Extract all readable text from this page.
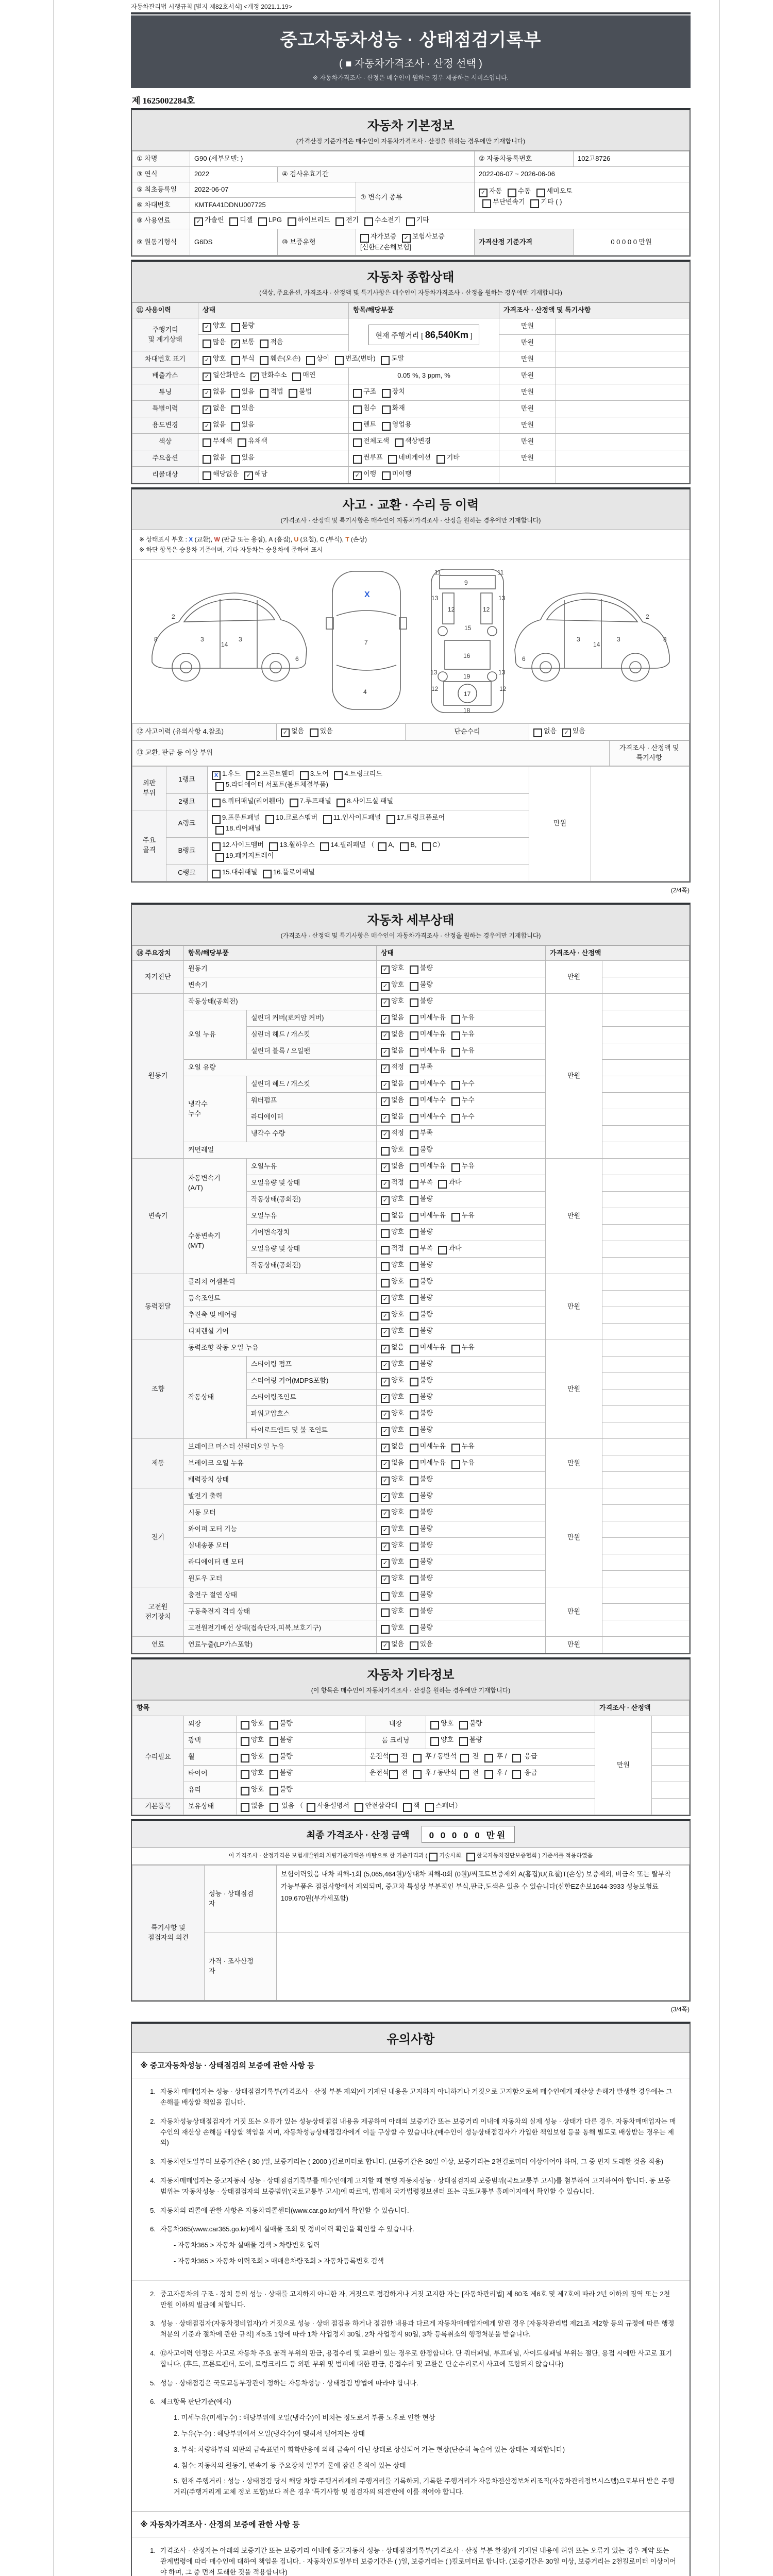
자동차관리법 시행규칙 [별지 제82호서식] <개정 2021.1.19>
중고자동차성능 · 상태점검기록부
( ■ 자동차가격조사 · 산정 선택 )
※ 자동차가격조사 · 산정은 매수인이 원하는 경우 제공하는 서비스입니다.
제 1625002284호
자동차 기본정보
(가격산정 기준가격은 매수인이 자동차가격조사 · 산정을 원하는 경우에만 기재합니다)
① 차명	G90 (세부모델: )			② 자동차등록번호	102고8726
③ 연식	2022	④ 검사유효기간		2022-06-07 ~ 2026-06-06	
⑤ 최초등록일	2022-06-07		⑦ 변속기 종류	✓ 자동  수동  세미오토
무단변속기  기타 ( )	
⑥ 차대번호	KMTFA41DDNU007725				
⑧ 사용연료	✓ 가솔린  디젤  LPG  하이브리드  전기  수소전기  기타				
⑨ 원동기형식	G6DS	⑩ 보증유형	자가보증 ✓ 보험사보증 [신한EZ손해보험]	가격산정 기준가격	0 0 0 0 0 만원
자동차 종합상태
(색상, 주요옵션, 가격조사 · 산정액 및 특기사항은 매수인이 자동차가격조사 · 산정을 원하는 경우에만 기재합니다)
⑪ 사용이력	상태	항목/해당부품	가격조사 · 산정액 및 특기사항	
주행거리
및 계기상태	✓ 양호  불량	현재 주행거리 [ 86,540Km ]	만원	
	많음 ✓ 보통  적음		만원	
차대번호 표기	✓ 양호  부식  훼손(오손)  상이  변조(변타)  도말		만원	
배출가스	✓ 일산화탄소 ✓ 탄화수소  매연	0.05 %, 3 ppm, %	만원	
튜닝	✓ 없음  있음  적법  불법	구조  장치	만원	
특별이력	✓ 없음  있음	침수  화재	만원	
용도변경	✓ 없음  있음	렌트  영업용	만원	
색상	무채색  유채색	전체도색  색상변경	만원	
주요옵션	없음  있음	썬루프  네비게이션  기타	만원	
리콜대상	해당없음 ✓ 해당	✓ 이행  미이행		
사고 · 교환 · 수리 등 이력
(가격조사 · 산정액 및 특기사항은 매수인이 자동차가격조사 · 산정을 원하는 경우에만 기재합니다)
※ 상태표시 부호 : X (교환), W (판금 또는 용접), A (흠집), U (요철), C (부식), T (손상)
※ 하단 항목은 승용차 기준이며, 기타 자동차는 승용차에 준하여 표시
2
8	3
14
3
6
X
7
4
11	11
9
13	13
12	12
15
16
13	13
12	12
19
17
18
2
8
3
14
3
6
⑫ 사고이력 (유의사항 4.참조)	✓ 없음  있음	단순수리	없음 ✓ 있음
⑬ 교환, 판금 등 이상 부위	가격조사 · 산정액 및 특기사항
외판
부위	1랭크	X 1.후드  2.프론트휀더  3.도어  4.트렁크리드
5.라디에이터 서포트(볼트체결부품)	만원	
	2랭크	6.쿼터패널(리어휀더)  7.루프패널  8.사이드실 패널		
주요
골격	A랭크	9.프론트패널  10.크로스멤버  11.인사이드패널  17.트렁크플로어
18.리어패널		
	B랭크	12.사이드멤버  13.휠하우스  14.필러패널 （ A,  B,  C）
19.패키지트레이		
	C랭크	15.대쉬패널  16.플로어패널		
(2/4쪽)
자동차 세부상태
(가격조사 · 산정액 및 특기사항은 매수인이 자동차가격조사 · 산정을 원하는 경우에만 기재합니다)
⑭ 주요장치	항목/해당부품		상태	가격조사 · 산정액	
자기진단	원동기		✓ 양호  불량	만원	
	변속기		✓ 양호  불량		
원동기	작동상태(공회전)		✓ 양호  불량	만원	
	오일 누유	실린더 커버(로커암 커버)	✓ 없음  미세누유  누유		
		실린더 헤드 / 개스킷	✓ 없음  미세누유  누유		
		실린더 블록 / 오일팬	✓ 없음  미세누유  누유		
	오일 유량		✓ 적정  부족		
	냉각수
누수	실린더 헤드 / 개스킷	✓ 없음  미세누수  누수		
		워터펌프	✓ 없음  미세누수  누수		
		라디에이터	✓ 없음  미세누수  누수		
		냉각수 수량	✓ 적정  부족		
	커먼레일		양호  불량		
변속기	자동변속기
(A/T)	오일누유	✓ 없음  미세누유  누유	만원	
		오일유량 및 상태	✓ 적정  부족  과다		
		작동상태(공회전)	✓ 양호  불량		
	수동변속기
(M/T)	오일누유	없음  미세누유  누유		
		기어변속장치	양호  불량		
		오일유량 및 상태	적정  부족  과다		
		작동상태(공회전)	양호  불량		
동력전달	클러치 어셈블리		양호  불량	만원	
	등속조인트		✓ 양호  불량		
	추진축 및 베어링		✓ 양호  불량		
	디퍼렌셜 기어		✓ 양호  불량		
조향	동력조향 작동 오일 누유		✓ 없음  미세누유  누유	만원	
	작동상태	스티어링 펌프	✓ 양호  불량		
		스티어링 기어(MDPS포함)	✓ 양호  불량		
		스티어링조인트	✓ 양호  불량		
		파워고압호스	✓ 양호  불량		
		타이로드엔드 및 볼 조인트	✓ 양호  불량		
제동	브레이크 마스터 실린더오일 누유		✓ 없음  미세누유  누유	만원	
	브레이크 오일 누유		✓ 없음  미세누유  누유		
	배력장치 상태		✓ 양호  불량		
전기	발전기 출력		✓ 양호  불량	만원	
	시동 모터		✓ 양호  불량		
	와이퍼 모터 기능		✓ 양호  불량		
	실내송풍 모터		✓ 양호  불량		
	라디에이터 팬 모터		✓ 양호  불량		
	윈도우 모터		✓ 양호  불량		
고전원
전기장치	충전구 절연 상태		양호  불량	만원	
	구동축전지 격리 상태		양호  불량		
	고전원전기배선 상태(접속단자,피복,보호기구)		양호  불량		
연료	연료누출(LP가스포함)		✓ 없음  있음	만원	
자동차 기타정보
(이 항목은 매수인이 자동차가격조사 · 산정을 원하는 경우에만 기재합니다)
항목					가격조사 · 산정액	
수리필요	외장	양호  불량	내장	양호  불량	만원	
	광택	양호  불량	룸 크리닝	양호  불량		
	휠	양호  불량	운전석  전   후 / 동반석  전   후 /   응급			
	타이어	양호  불량	운전석  전   후 / 동반석  전   후 /   응급			
	유리	양호  불량				
기본품목	보유상태	없음   있음 （ 사용설명서  안전삼각대  잭  스패너）				
최종 가격조사 · 산정 금액 0 0 0 0 0 만원
이 가격조사 · 산정가격은 보험개발원의 차량기준가액을 바탕으로 한 기준가격과 (  기술사회, 한국자동차진단보증협회 ) 기준서를 적용하였음
특기사항 및
점검자의 의견	성능 · 상태점검
자	보험이력있음 내차 피해-1회 (5,065,464원)/상대차 피해-0회 (0원)/써포트보증제외 A(흠집)U(요철)T(손상) 보증제외, 비금속 또는 탈부착 가능부품은 점검사항에서 제외되며, 중고차 특성상 부분적인 부식,판금,도색은 있을 수 있습니다(신한EZ손보1644-3933 성능보험료 109,670원(부가세포함)
	가격 · 조사산정
자	
(3/4쪽)
유의사항
※ 중고자동차성능 · 상태점검의 보증에 관한 사항 등
1. 자동차 매매업자는 성능 · 상태점검기록부(가격조사 · 산정 부분 제외)에 기재된 내용을 고지하지 아니하거나 거짓으로 고지함으로써 매수인에게 재산상 손해가 발생한 경우에는 그 손해를 배상할 책임을 집니다.
2. 자동차성능상태점검자가 거짓 또는 오류가 있는 성능상태점검 내용을 제공하여 아래의 보증기간 또는 보증거리 이내에 자동차의 실제 성능 · 상태가 다른 경우, 자동차매매업자는 매수인의 재산상 손해를 배상할 책임을 지며, 자동차성능상태점검자에게 이를 구상할 수 있습니다.(매수인이 성능상태점검자가 가입한 책임보험 등을 통해 별도로 배상받는 경우는 제외)
3. 자동차인도일부터 보증기간은 ( 30 )일, 보증거리는 ( 2000 )킬로미터로 합니다. (보증기간은 30일 이상, 보증거리는 2천킬로미터 이상이어야 하며, 그 중 먼저 도래한 것을 적용)
4. 자동차매매업자는 중고자동차 성능 · 상태점검기록부를 매수인에게 고지할 때 현행 자동차성능 · 상태점검자의 보증범위(국토교통부 고시)를 첨부하여 고지하여야 합니다. 동 보증범위는 '자동차성능 · 상태점검자의 보증범위'(국토교통부 고시)에 따르며, 법제처 국가법령정보센터 또는 국토교통부 홈페이지에서 확인할 수 있습니다.
5. 자동차의 리콜에 관한 사항은 자동차리콜센터(www.car.go.kr)에서 확인할 수 있습니다.
6. 자동차365(www.car365.go.kr)에서 실매물 조회 및 정비이력 확인을 확인할 수 있습니다.
- 자동차365 > 자동차 실매물 검색 > 차량번호 입력
- 자동차365 > 자동차 이력조회 > 매매용차량조회 > 자동차등록번호 검색
2. 중고자동차의 구조 · 장치 등의 성능 · 상태를 고지하지 아니한 자, 거짓으로 점검하거나 거짓 고지한 자는 [자동차관리법] 제 80조 제6호 및 제7호에 따라 2년 이하의 징역 또는 2천만원 이하의 벌금에 처합니다.
3. 성능 · 상태점검자(자동차정비업자)가 거짓으로 성능 · 상태 점검을 하거나 점검한 내용과 다르게 자동차매매업자에게 알린 경우 [자동차관리법 제21조 제2항 등의 규정에 따른 행정처분의 기준과 절차에 관한 규칙] 제5조 1항에 따라 1차 사업정지 30일, 2차 사업정지 90일, 3차 등록취소의 행정처분을 받습니다.
4. ⑫사고이력 인정은 사고로 자동차 주요 골격 부위의 판금, 용접수리 및 교환이 있는 경우로 한정합니다. 단 쿼터패널, 루프패널, 사이드실패널 부위는 절단, 용접 시에만 사고로 표기합니다. (후드, 프론트펜더, 도어, 트렁크리드 등 외판 부위 및 범퍼에 대한 판금, 용접수리 및 교환은 단순수리로서 사고에 포함되지 않습니다)
5. 성능 · 상태점검은 국토교통부장관이 정하는 자동차성능 · 상태점검 방법에 따라야 합니다.
6. 체크항목 판단기준(예시)
1. 미세누유(미세누수) : 해당부위에 오일(냉각수)이 비치는 정도로서 부품 노후로 인한 현상
2. 누유(누수) : 해당부위에서 오일(냉각수)이 맺혀서 떨어지는 상태
3. 부식: 차량하부와 외판의 금속표면이 화학반응에 의해 금속이 아닌 상태로 상실되어 가는 현상(단순히 녹슬어 있는 상태는 제외합니다)
4. 침수: 자동차의 원동기, 변속기 등 주요장치 일부가 물에 잠긴 흔적이 있는 상태
5. 현재 주행거리 : 성능 · 상태점검 당시 해당 차량 주행거리계의 주행거리를 기록하되, 기록한 주행거리가 자동차전산정보처리조직(자동차관리정보시스템)으로부터 받은 주행거리(주행거리계 교체 정보 포함)보다 적은 경우 '특기사항 및 점검자의 의견'란에 이를 적어야 합니다.
※ 자동차가격조사 · 산정의 보증에 관한 사항 등
1. 가격조사 · 산정자는 아래의 보증기간 또는 보증거리 이내에 중고자동차 성능 · 상태점검기록부(가격조사 · 산정 부분 한정)에 기재된 내용에 허위 또는 오류가 있는 경우 계약 또는 관계법령에 따라 매수인에 대하여 책임을 집니다. · 자동차인도일부터 보증기간은 ( )일, 보증거리는 ( )킬로미터로 합니다. (보증기간은 30일 이상, 보증거리는 2천킬로미터 이상이어야 하며, 그 중 먼저 도래한 것을 적용합니다)
